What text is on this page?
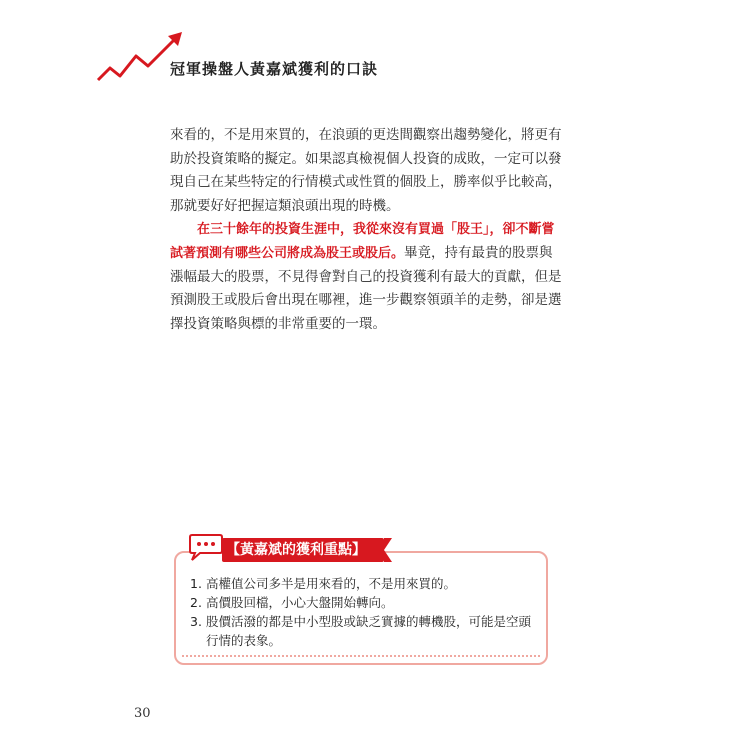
冠軍操盤人黃嘉斌獲利的口訣

來看的，不是用來買的，在浪頭的更迭間觀察出趨勢變化，將更有助於投資策略的擬定。如果認真檢視個人投資的成敗，一定可以發現自己在某些特定的行情模式或性質的個股上，勝率似乎比較高，那就要好好把握這類浪頭出現的時機。

在三十餘年的投資生涯中，我從來沒有買過「股王」，卻不斷嘗試著預測有哪些公司將成為股王或股后。畢竟，持有最貴的股票與漲幅最大的股票，不見得會對自己的投資獲利有最大的貢獻，但是預測股王或股后會出現在哪裡，進一步觀察領頭羊的走勢，卻是選擇投資策略與標的非常重要的一環。

【黃嘉斌的獲利重點】
1. 高權值公司多半是用來看的，不是用來買的。
2. 高價股回檔，小心大盤開始轉向。
3. 股價活潑的都是中小型股或缺乏實據的轉機股，可能是空頭行情的表象。
30
